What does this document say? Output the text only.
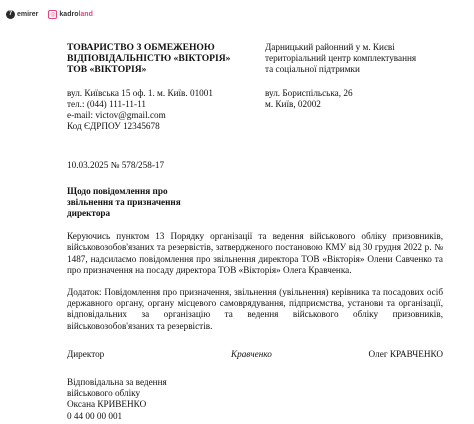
7 emirer	◎ kadroland
ТОВАРИСТВО З ОБМЕЖЕНОЮ
ВІДПОВІДАЛЬНІСТЮ «ВІКТОРІЯ»
ТОВ «ВІКТОРІЯ»
вул. Київська 15 оф. 1. м. Київ. 01001
тел.: (044) 111-11-11
e-mail: victov@gmail.com
Код ЄДРПОУ 12345678
Дарницький районний у м. Києві
територіальний центр комплектування
та соціальної підтримки
вул. Бориспільська, 26
м. Київ, 02002
10.03.2025 № 578/258-17
Щодо повідомлення про
звільнення та призначення
директора
Керуючись пунктом 13 Порядку організації та ведення військового обліку призовників, військовозобов'язаних та резервістів, затвердженого постановою КМУ від 30 грудня 2022 р. № 1487, надсилаємо повідомлення про звільнення директора ТОВ «Вікторія» Олени Савченко та про призначення на посаду директора ТОВ «Вікторія» Олега Кравченка.
Додаток: Повідомлення про призначення, звільнення (увільнення) керівника та посадових осіб державного органу, органу місцевого самоврядування, підприємства, установи та організації, відповідальних за організацію та ведення військового обліку призовників, військовозобов'язаних та резервістів.
Директор	Кравченко	Олег КРАВЧЕНКО
Відповідальна за ведення
військового обліку
Оксана КРИВЕНКО
0 44 00 00 001
